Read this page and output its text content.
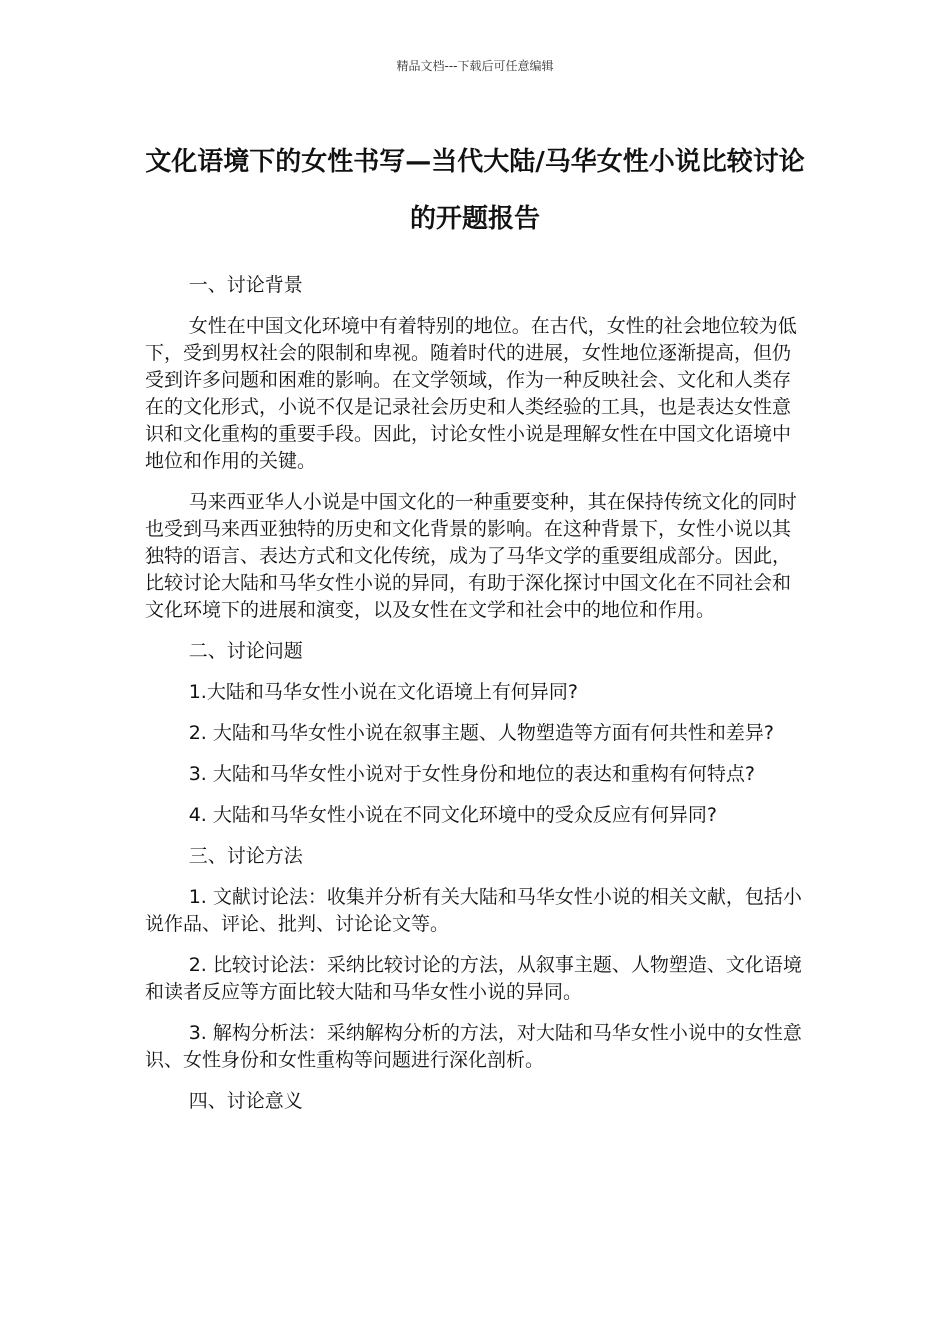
精品文档---下载后可任意编辑
文化语境下的女性书写—当代大陆/马华女性小说比较讨论的开题报告

一、讨论背景

女性在中国文化环境中有着特别的地位。在古代，女性的社会地位较为低下，受到男权社会的限制和卑视。随着时代的进展，女性地位逐渐提高，但仍受到许多问题和困难的影响。在文学领域，作为一种反映社会、文化和人类存在的文化形式，小说不仅是记录社会历史和人类经验的工具，也是表达女性意识和文化重构的重要手段。因此，讨论女性小说是理解女性在中国文化语境中地位和作用的关键。

马来西亚华人小说是中国文化的一种重要变种，其在保持传统文化的同时也受到马来西亚独特的历史和文化背景的影响。在这种背景下，女性小说以其独特的语言、表达方式和文化传统，成为了马华文学的重要组成部分。因此，比较讨论大陆和马华女性小说的异同，有助于深化探讨中国文化在不同社会和文化环境下的进展和演变，以及女性在文学和社会中的地位和作用。

二、讨论问题

1.大陆和马华女性小说在文化语境上有何异同?

2. 大陆和马华女性小说在叙事主题、人物塑造等方面有何共性和差异?

3. 大陆和马华女性小说对于女性身份和地位的表达和重构有何特点?

4. 大陆和马华女性小说在不同文化环境中的受众反应有何异同?

三、讨论方法

1. 文献讨论法：收集并分析有关大陆和马华女性小说的相关文献，包括小说作品、评论、批判、讨论论文等。

2. 比较讨论法：采纳比较讨论的方法，从叙事主题、人物塑造、文化语境和读者反应等方面比较大陆和马华女性小说的异同。

3. 解构分析法：采纳解构分析的方法，对大陆和马华女性小说中的女性意识、女性身份和女性重构等问题进行深化剖析。

四、讨论意义
